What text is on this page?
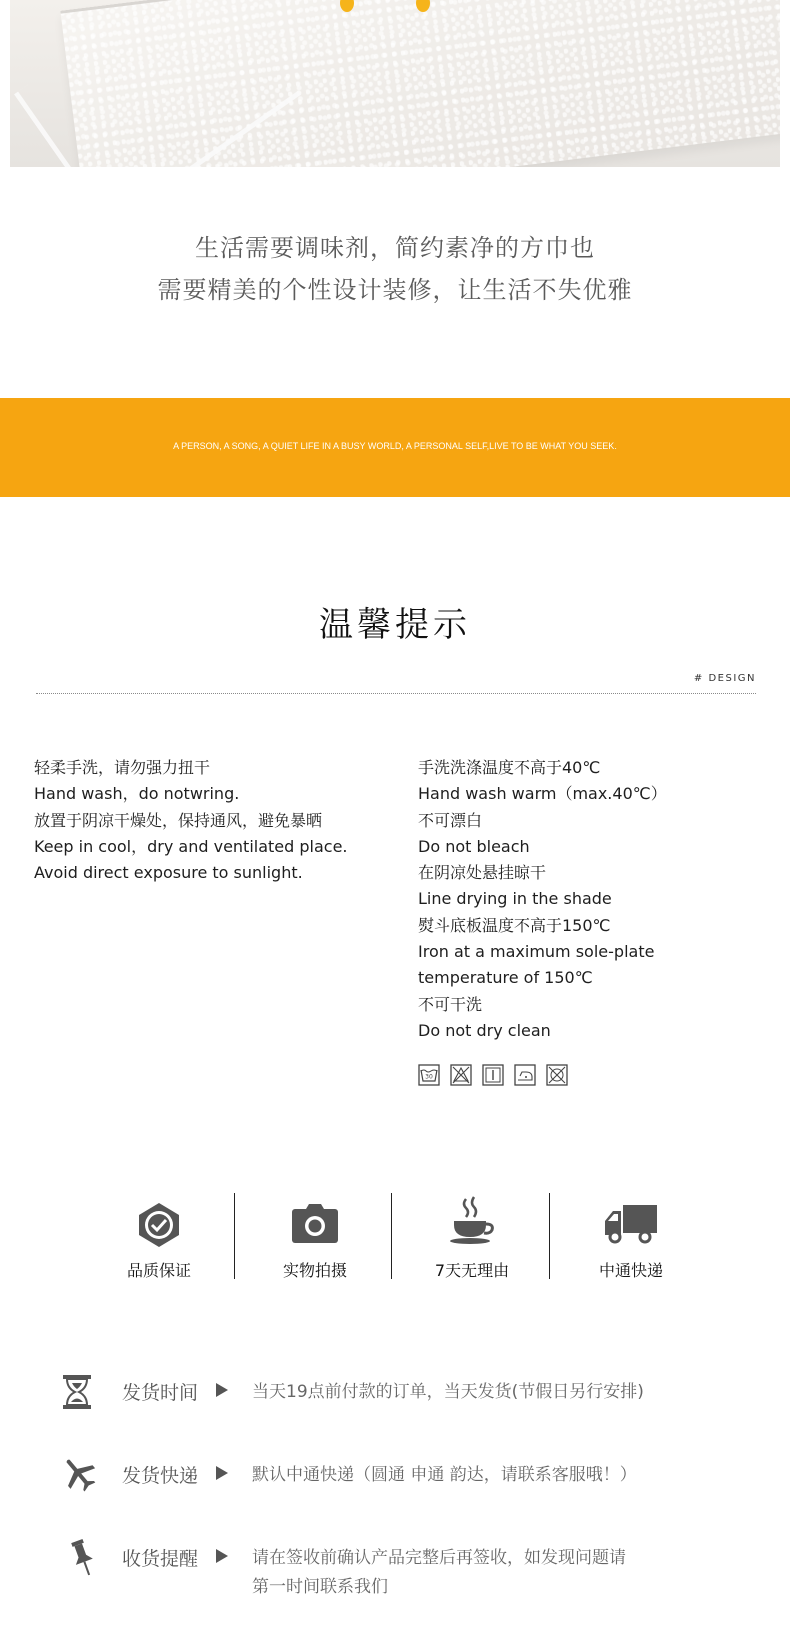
生活需要调味剂，简约素净的方巾也
需要精美的个性设计装修，让生活不失优雅
A PERSON, A SONG, A QUIET LIFE IN A BUSY WORLD, A PERSONAL SELF,LIVE TO BE WHAT YOU SEEK.
温馨提示
# DESIGN
轻柔手洗，请勿强力扭干
Hand wash，do notwring.
放置于阴凉干燥处，保持通风，避免暴晒
Keep in cool，dry and ventilated place.
Avoid direct exposure to sunlight.
手洗洗涤温度不高于40℃
Hand wash warm（max.40℃）
不可漂白
Do not bleach
在阴凉处悬挂晾干
Line drying in the shade
熨斗底板温度不高于150℃
Iron at a maximum sole-plate
temperature of 150℃
不可干洗
Do not dry clean
30
品质保证	实物拍摄	7天无理由	中通快递
发货时间	当天19点前付款的订单，当天发货(节假日另行安排)
发货快递	默认中通快递（圆通 申通 韵达，请联系客服哦！）
收货提醒	请在签收前确认产品完整后再签收，如发现问题请
第一时间联系我们
